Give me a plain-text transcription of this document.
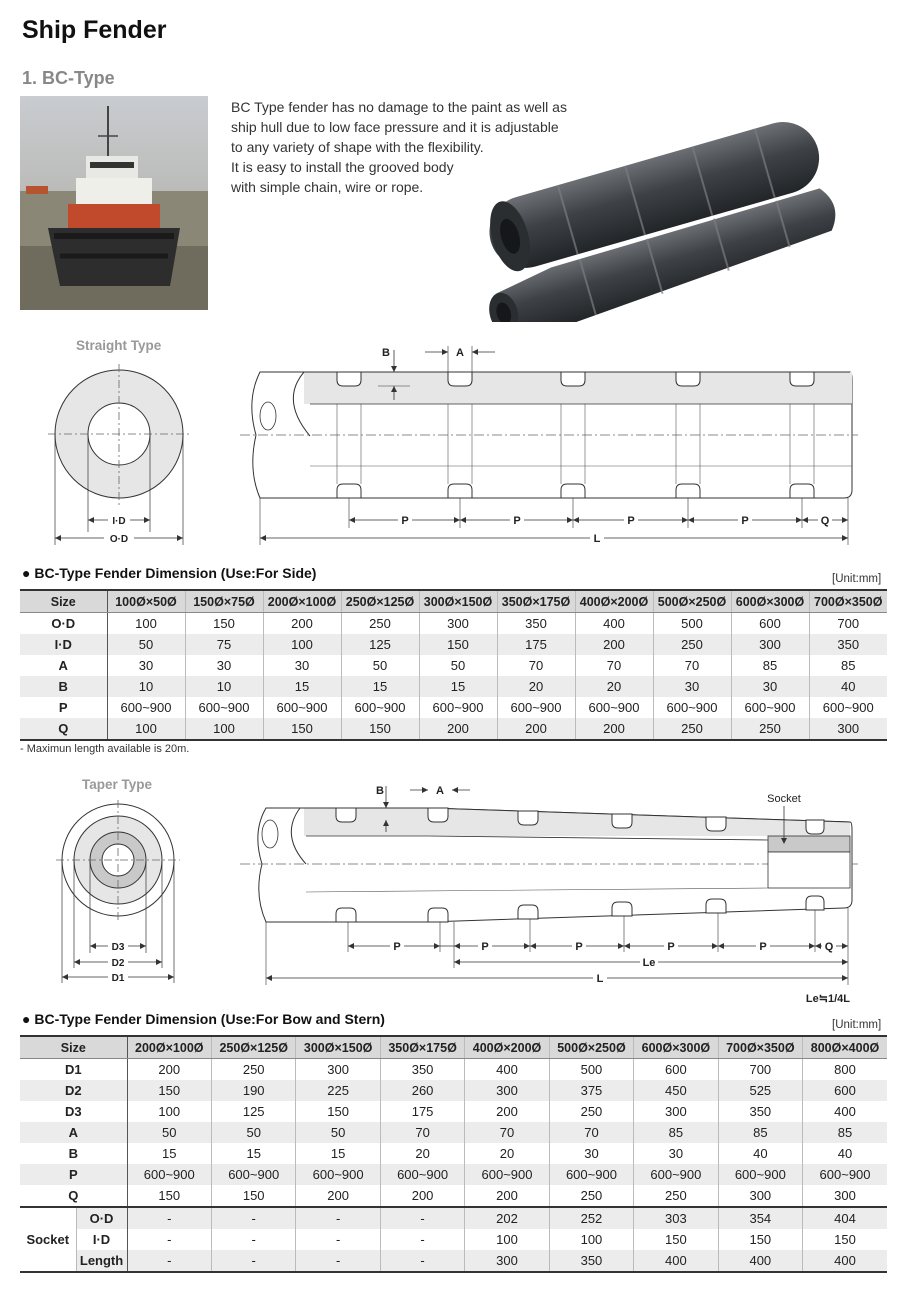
Ship Fender
1. BC-Type

BC Type fender has no damage to the paint as well as

ship hull due to low face pressure and it is adjustable

to any variety of shape with the flexibility.

It is easy to install the grooved body

with simple chain, wire or rope.

Straight Type
I·D
O·D
B	A
P	P	P	P	Q
L
● BC-Type Fender Dimension (Use:For Side)	[Unit:mm]
Size	100Ø×50Ø	150Ø×75Ø	200Ø×100Ø	250Ø×125Ø	300Ø×150Ø	350Ø×175Ø	400Ø×200Ø	500Ø×250Ø	600Ø×300Ø	700Ø×350Ø
O·D	100	150	200	250	300	350	400	500	600	700
I·D	50	75	100	125	150	175	200	250	300	350
A	30	30	30	50	50	70	70	70	85	85
B	10	10	15	15	15	20	20	30	30	40
P	600~900	600~900	600~900	600~900	600~900	600~900	600~900	600~900	600~900	600~900
Q	100	100	150	150	200	200	200	250	250	300
- Maximun length available is 20m.
Taper Type
D3
D2
D1
B	A
Socket
P	P	P	P	P	Q
Le
L
Le≒1/4L
● BC-Type Fender Dimension (Use:For Bow and Stern)	[Unit:mm]
Size		200Ø×100Ø	250Ø×125Ø	300Ø×150Ø	350Ø×175Ø	400Ø×200Ø	500Ø×250Ø	600Ø×300Ø	700Ø×350Ø	800Ø×400Ø
D1		200	250	300	350	400	500	600	700	800
D2		150	190	225	260	300	375	450	525	600
D3		100	125	150	175	200	250	300	350	400
A		50	50	50	70	70	70	85	85	85
B		15	15	15	20	20	30	30	40	40
P		600~900	600~900	600~900	600~900	600~900	600~900	600~900	600~900	600~900
Q		150	150	200	200	200	250	250	300	300
Socket	O·D	-	-	-	-	202	252	303	354	404
	I·D	-	-	-	-	100	100	150	150	150
	Length	-	-	-	-	300	350	400	400	400
